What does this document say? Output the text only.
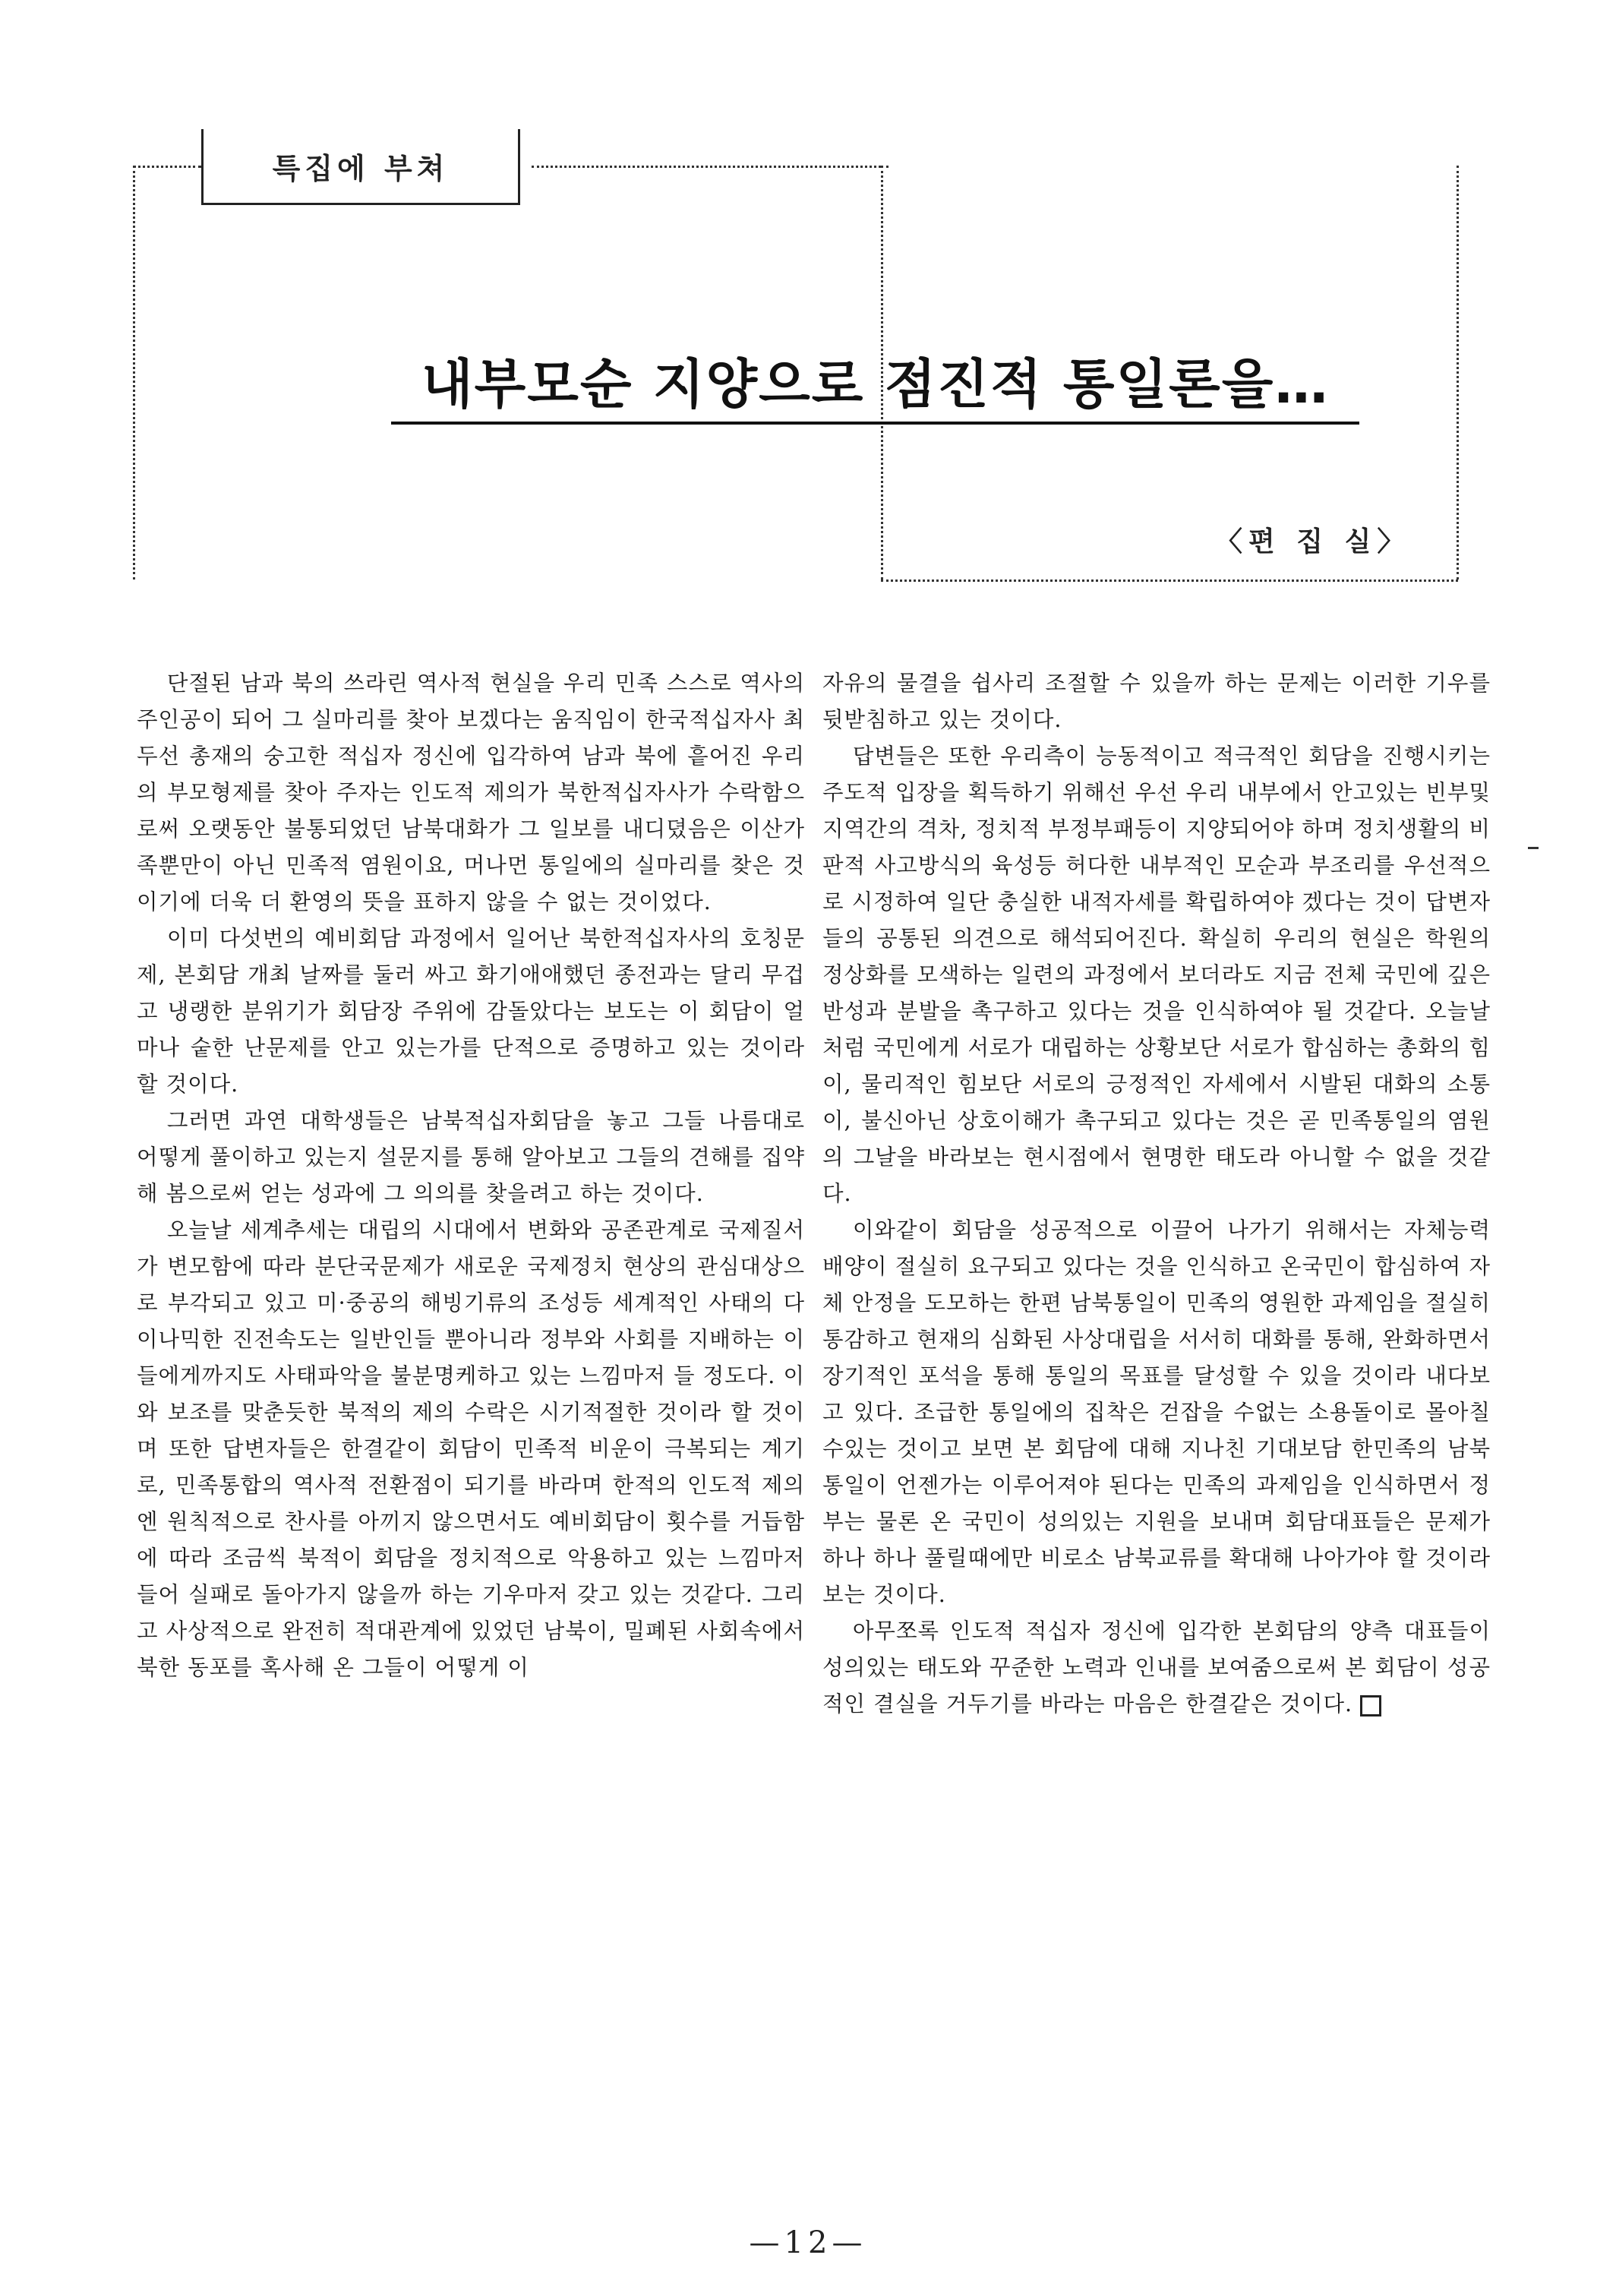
특집에 부쳐
내부모순 지양으로 점진적 통일론을…
〈편 집 실〉

단절된 남과 북의 쓰라린 역사적 현실을 우리 민족 스스로 역사의 주인공이 되어 그 실마리를 찾아 보겠다는 움직임이 한국적십자사 최 두선 총재의 숭고한 적십자 정신에 입각하여 남과 북에 흩어진 우리의 부모형제를 찾아 주자는 인도적 제의가 북한적십자사가 수락함으로써 오랫동안 불통되었던 남북대화가 그 일보를 내디뎠음은 이산가족뿐만이 아닌 민족적 염원이요, 머나먼 통일에의 실마리를 찾은 것이기에 더욱 더 환영의 뜻을 표하지 않을 수 없는 것이었다.

이미 다섯번의 예비회담 과정에서 일어난 북한적십자사의 호칭문제, 본회담 개최 날짜를 둘러 싸고 화기애애했던 종전과는 달리 무겁고 냉랭한 분위기가 회담장 주위에 감돌았다는 보도는 이 회담이 얼마나 숱한 난문제를 안고 있는가를 단적으로 증명하고 있는 것이라 할 것이다.

그러면 과연 대학생들은 남북적십자회담을 놓고 그들 나름대로 어떻게 풀이하고 있는지 설문지를 통해 알아보고 그들의 견해를 집약해 봄으로써 얻는 성과에 그 의의를 찾을려고 하는 것이다.

오늘날 세계추세는 대립의 시대에서 변화와 공존관계로 국제질서가 변모함에 따라 분단국문제가 새로운 국제정치 현상의 관심대상으로 부각되고 있고 미·중공의 해빙기류의 조성등 세계적인 사태의 다이나믹한 진전속도는 일반인들 뿐아니라 정부와 사회를 지배하는 이들에게까지도 사태파악을 불분명케하고 있는 느낌마저 들 정도다. 이와 보조를 맞춘듯한 북적의 제의 수락은 시기적절한 것이라 할 것이며 또한 답변자들은 한결같이 회담이 민족적 비운이 극복되는 계기로, 민족통합의 역사적 전환점이 되기를 바라며 한적의 인도적 제의엔 원칙적으로 찬사를 아끼지 않으면서도 예비회담이 횟수를 거듭함에 따라 조금씩 북적이 회담을 정치적으로 악용하고 있는 느낌마저 들어 실패로 돌아가지 않을까 하는 기우마저 갖고 있는 것같다. 그리고 사상적으로 완전히 적대관계에 있었던 남북이, 밀폐된 사회속에서 북한 동포를 혹사해 온 그들이 어떻게 이

자유의 물결을 쉽사리 조절할 수 있을까 하는 문제는 이러한 기우를 뒷받침하고 있는 것이다.

답변들은 또한 우리측이 능동적이고 적극적인 회담을 진행시키는 주도적 입장을 획득하기 위해선 우선 우리 내부에서 안고있는 빈부및 지역간의 격차, 정치적 부정부패등이 지양되어야 하며 정치생활의 비판적 사고방식의 육성등 허다한 내부적인 모순과 부조리를 우선적으로 시정하여 일단 충실한 내적자세를 확립하여야 겠다는 것이 답변자들의 공통된 의견으로 해석되어진다. 확실히 우리의 현실은 학원의 정상화를 모색하는 일련의 과정에서 보더라도 지금 전체 국민에 깊은 반성과 분발을 촉구하고 있다는 것을 인식하여야 될 것같다. 오늘날 처럼 국민에게 서로가 대립하는 상황보단 서로가 합심하는 총화의 힘이, 물리적인 힘보단 서로의 긍정적인 자세에서 시발된 대화의 소통이, 불신아닌 상호이해가 촉구되고 있다는 것은 곧 민족통일의 염원의 그날을 바라보는 현시점에서 현명한 태도라 아니할 수 없을 것같다.

이와같이 회담을 성공적으로 이끌어 나가기 위해서는 자체능력 배양이 절실히 요구되고 있다는 것을 인식하고 온국민이 합심하여 자체 안정을 도모하는 한편 남북통일이 민족의 영원한 과제임을 절실히 통감하고 현재의 심화된 사상대립을 서서히 대화를 통해, 완화하면서 장기적인 포석을 통해 통일의 목표를 달성할 수 있을 것이라 내다보고 있다. 조급한 통일에의 집착은 걷잡을 수없는 소용돌이로 몰아칠 수있는 것이고 보면 본 회담에 대해 지나친 기대보담 한민족의 남북통일이 언젠가는 이루어져야 된다는 민족의 과제임을 인식하면서 정부는 물론 온 국민이 성의있는 지원을 보내며 회담대표들은 문제가 하나 하나 풀릴때에만 비로소 남북교류를 확대해 나아가야 할 것이라 보는 것이다.

아무쪼록 인도적 적십자 정신에 입각한 본회담의 양측 대표들이 성의있는 태도와 꾸준한 노력과 인내를 보여줌으로써 본 회담이 성공적인 결실을 거두기를 바라는 마음은 한결같은 것이다.

—12—
